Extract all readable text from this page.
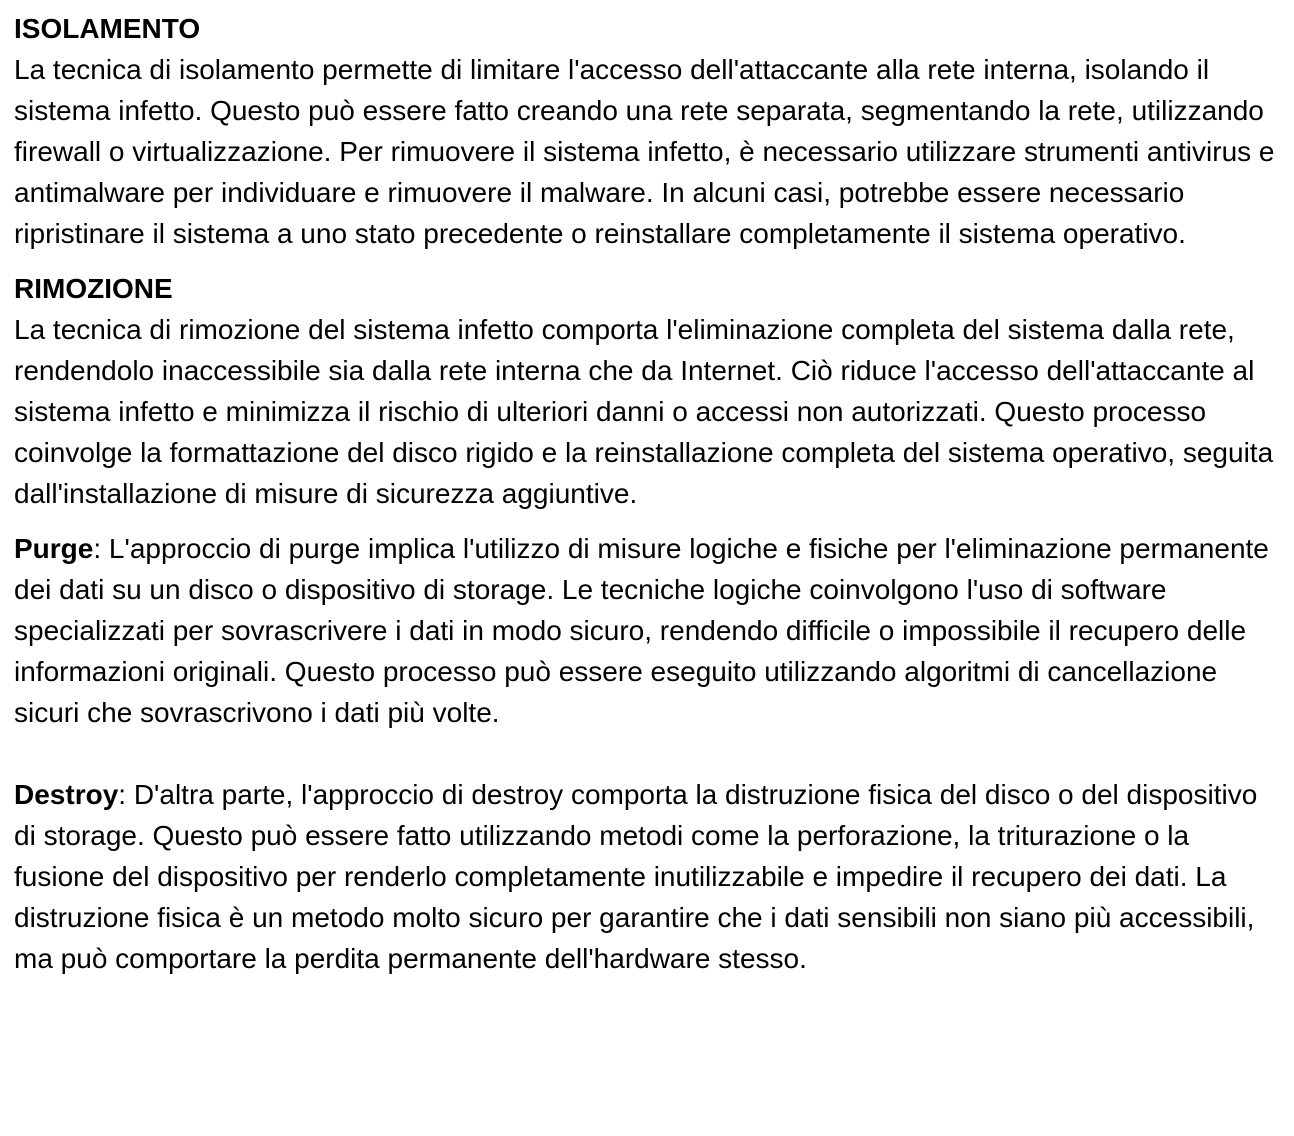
ISOLAMENTO

La tecnica di isolamento permette di limitare l'accesso dell'attaccante alla rete interna, isolando il sistema infetto. Questo può essere fatto creando una rete separata, segmentando la rete, utilizzando firewall o virtualizzazione. Per rimuovere il sistema infetto, è necessario utilizzare strumenti antivirus e antimalware per individuare e rimuovere il malware. In alcuni casi, potrebbe essere necessario ripristinare il sistema a uno stato precedente o reinstallare completamente il sistema operativo.

RIMOZIONE

La tecnica di rimozione del sistema infetto comporta l'eliminazione completa del sistema dalla rete, rendendolo inaccessibile sia dalla rete interna che da Internet. Ciò riduce l'accesso dell'attaccante al sistema infetto e minimizza il rischio di ulteriori danni o accessi non autorizzati. Questo processo coinvolge la formattazione del disco rigido e la reinstallazione completa del sistema operativo, seguita dall'installazione di misure di sicurezza aggiuntive.

Purge: L'approccio di purge implica l'utilizzo di misure logiche e fisiche per l'eliminazione permanente dei dati su un disco o dispositivo di storage. Le tecniche logiche coinvolgono l'uso di software specializzati per sovrascrivere i dati in modo sicuro, rendendo difficile o impossibile il recupero delle informazioni originali. Questo processo può essere eseguito utilizzando algoritmi di cancellazione sicuri che sovrascrivono i dati più volte.

Destroy: D'altra parte, l'approccio di destroy comporta la distruzione fisica del disco o del dispositivo di storage. Questo può essere fatto utilizzando metodi come la perforazione, la triturazione o la fusione del dispositivo per renderlo completamente inutilizzabile e impedire il recupero dei dati. La distruzione fisica è un metodo molto sicuro per garantire che i dati sensibili non siano più accessibili, ma può comportare la perdita permanente dell'hardware stesso.
